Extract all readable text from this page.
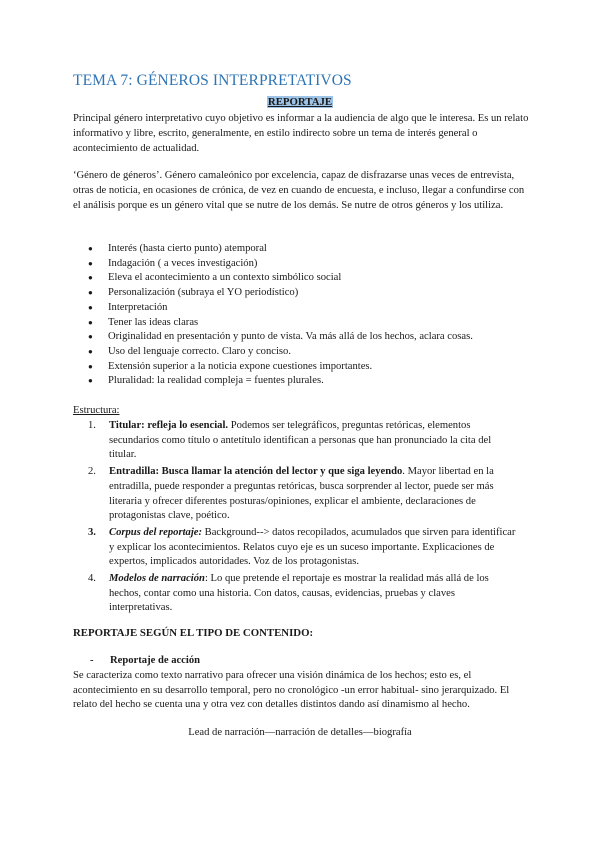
TEMA 7: GÉNEROS INTERPRETATIVOS
REPORTAJE
Principal género interpretativo cuyo objetivo es informar a la audiencia de algo que le interesa. Es un relato informativo y libre, escrito, generalmente, en estilo indirecto sobre un tema de interés general o acontecimiento de actualidad.
‘Género de géneros’. Género camaleónico por excelencia, capaz de disfrazarse unas veces de entrevista, otras de noticia, en ocasiones de crónica, de vez en cuando de encuesta, e incluso, llegar a confundirse con el análisis porque es un género vital que se nutre de los demás. Se nutre de otros géneros y los utiliza.
● Interés (hasta cierto punto) atemporal
● Indagación ( a veces investigación)
● Eleva el acontecimiento a un contexto simbólico social
● Personalización (subraya el YO periodístico)
● Interpretación
● Tener las ideas claras
● Originalidad en presentación y punto de vista. Va más allá de los hechos, aclara cosas.
● Uso del lenguaje correcto. Claro y conciso.
● Extensión superior a la noticia expone cuestiones importantes.
● Pluralidad: la realidad compleja = fuentes plurales.
Estructura:
1. Titular: refleja lo esencial. Podemos ser telegráficos, preguntas retóricas, elementos secundarios como título o antetítulo identifican a personas que han pronunciado la cita del titular.
2. Entradilla: Busca llamar la atención del lector y que siga leyendo. Mayor libertad en la entradilla, puede responder a preguntas retóricas, busca sorprender al lector, puede ser más literaria y ofrecer diferentes posturas/opiniones, explicar el ambiente, declaraciones de protagonistas clave, poético.
3. Corpus del reportaje: Background--> datos recopilados, acumulados que sirven para identificar y explicar los acontecimientos. Relatos cuyo eje es un suceso importante. Explicaciones de expertos, implicados autoridades. Voz de los protagonistas.
4. Modelos de narración: Lo que pretende el reportaje es mostrar la realidad más allá de los hechos, contar como una historia. Con datos, causas, evidencias, pruebas y claves interpretativas.
REPORTAJE SEGÚN EL TIPO DE CONTENIDO:
- Reportaje de acción
Se caracteriza como texto narrativo para ofrecer una visión dinámica de los hechos; esto es, el acontecimiento en su desarrollo temporal, pero no cronológico -un error habitual- sino jerarquizado. El relato del hecho se cuenta una y otra vez con detalles distintos dando así dinamismo al hecho.
Lead de narración—narración de detalles—biografía
